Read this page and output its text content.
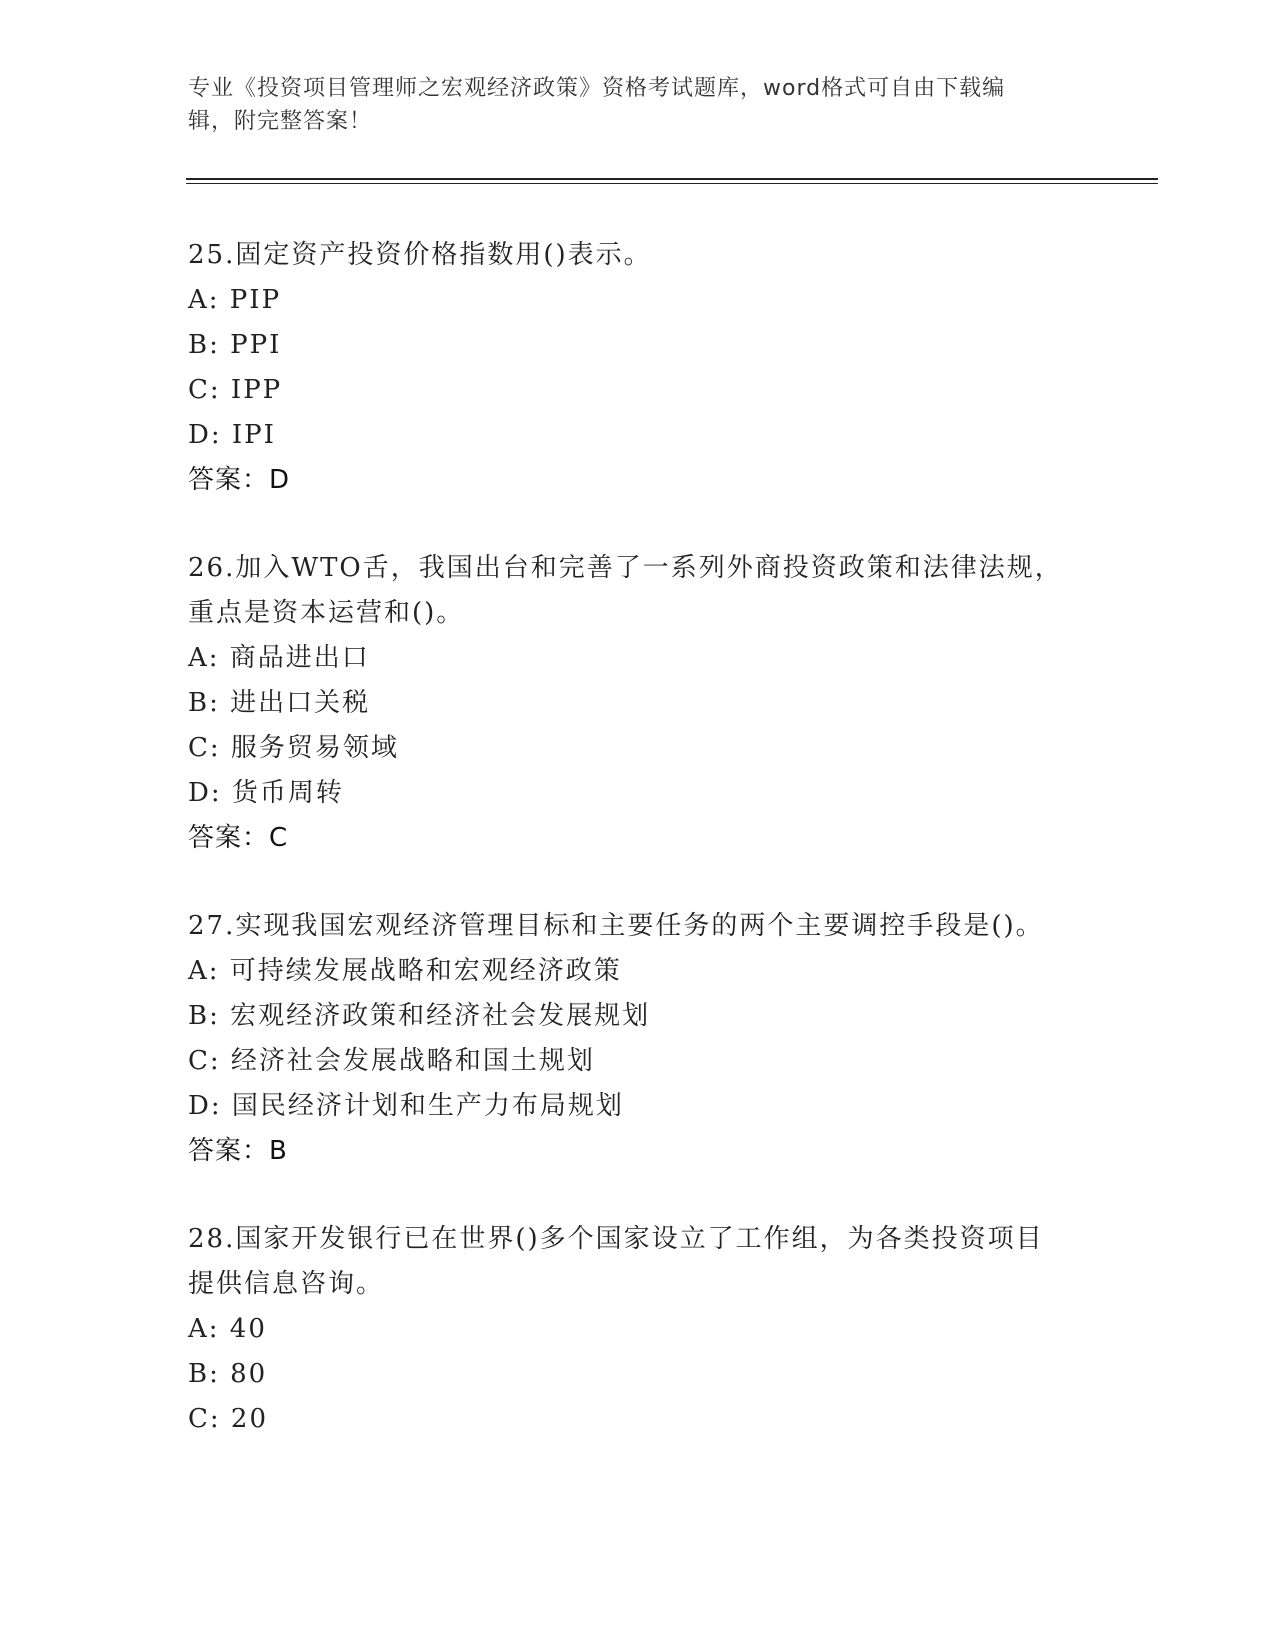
专业《投资项目管理师之宏观经济政策》资格考试题库，word格式可自由下载编
辑，附完整答案！

25.固定资产投资价格指数用()表示。

A: PIP

B: PPI

C: IPP

D: IPI

答案：D

26.加入WTO舌，我国出台和完善了一系列外商投资政策和法律法规，

重点是资本运营和()。

A: 商品进出口

B: 进出口关税

C: 服务贸易领域

D: 货币周转

答案：C

27.实现我国宏观经济管理目标和主要任务的两个主要调控手段是()。

A: 可持续发展战略和宏观经济政策

B: 宏观经济政策和经济社会发展规划

C: 经济社会发展战略和国土规划

D: 国民经济计划和生产力布局规划

答案：B

28.国家开发银行已在世界()多个国家设立了工作组，为各类投资项目

提供信息咨询。

A: 40

B: 80

C: 20
